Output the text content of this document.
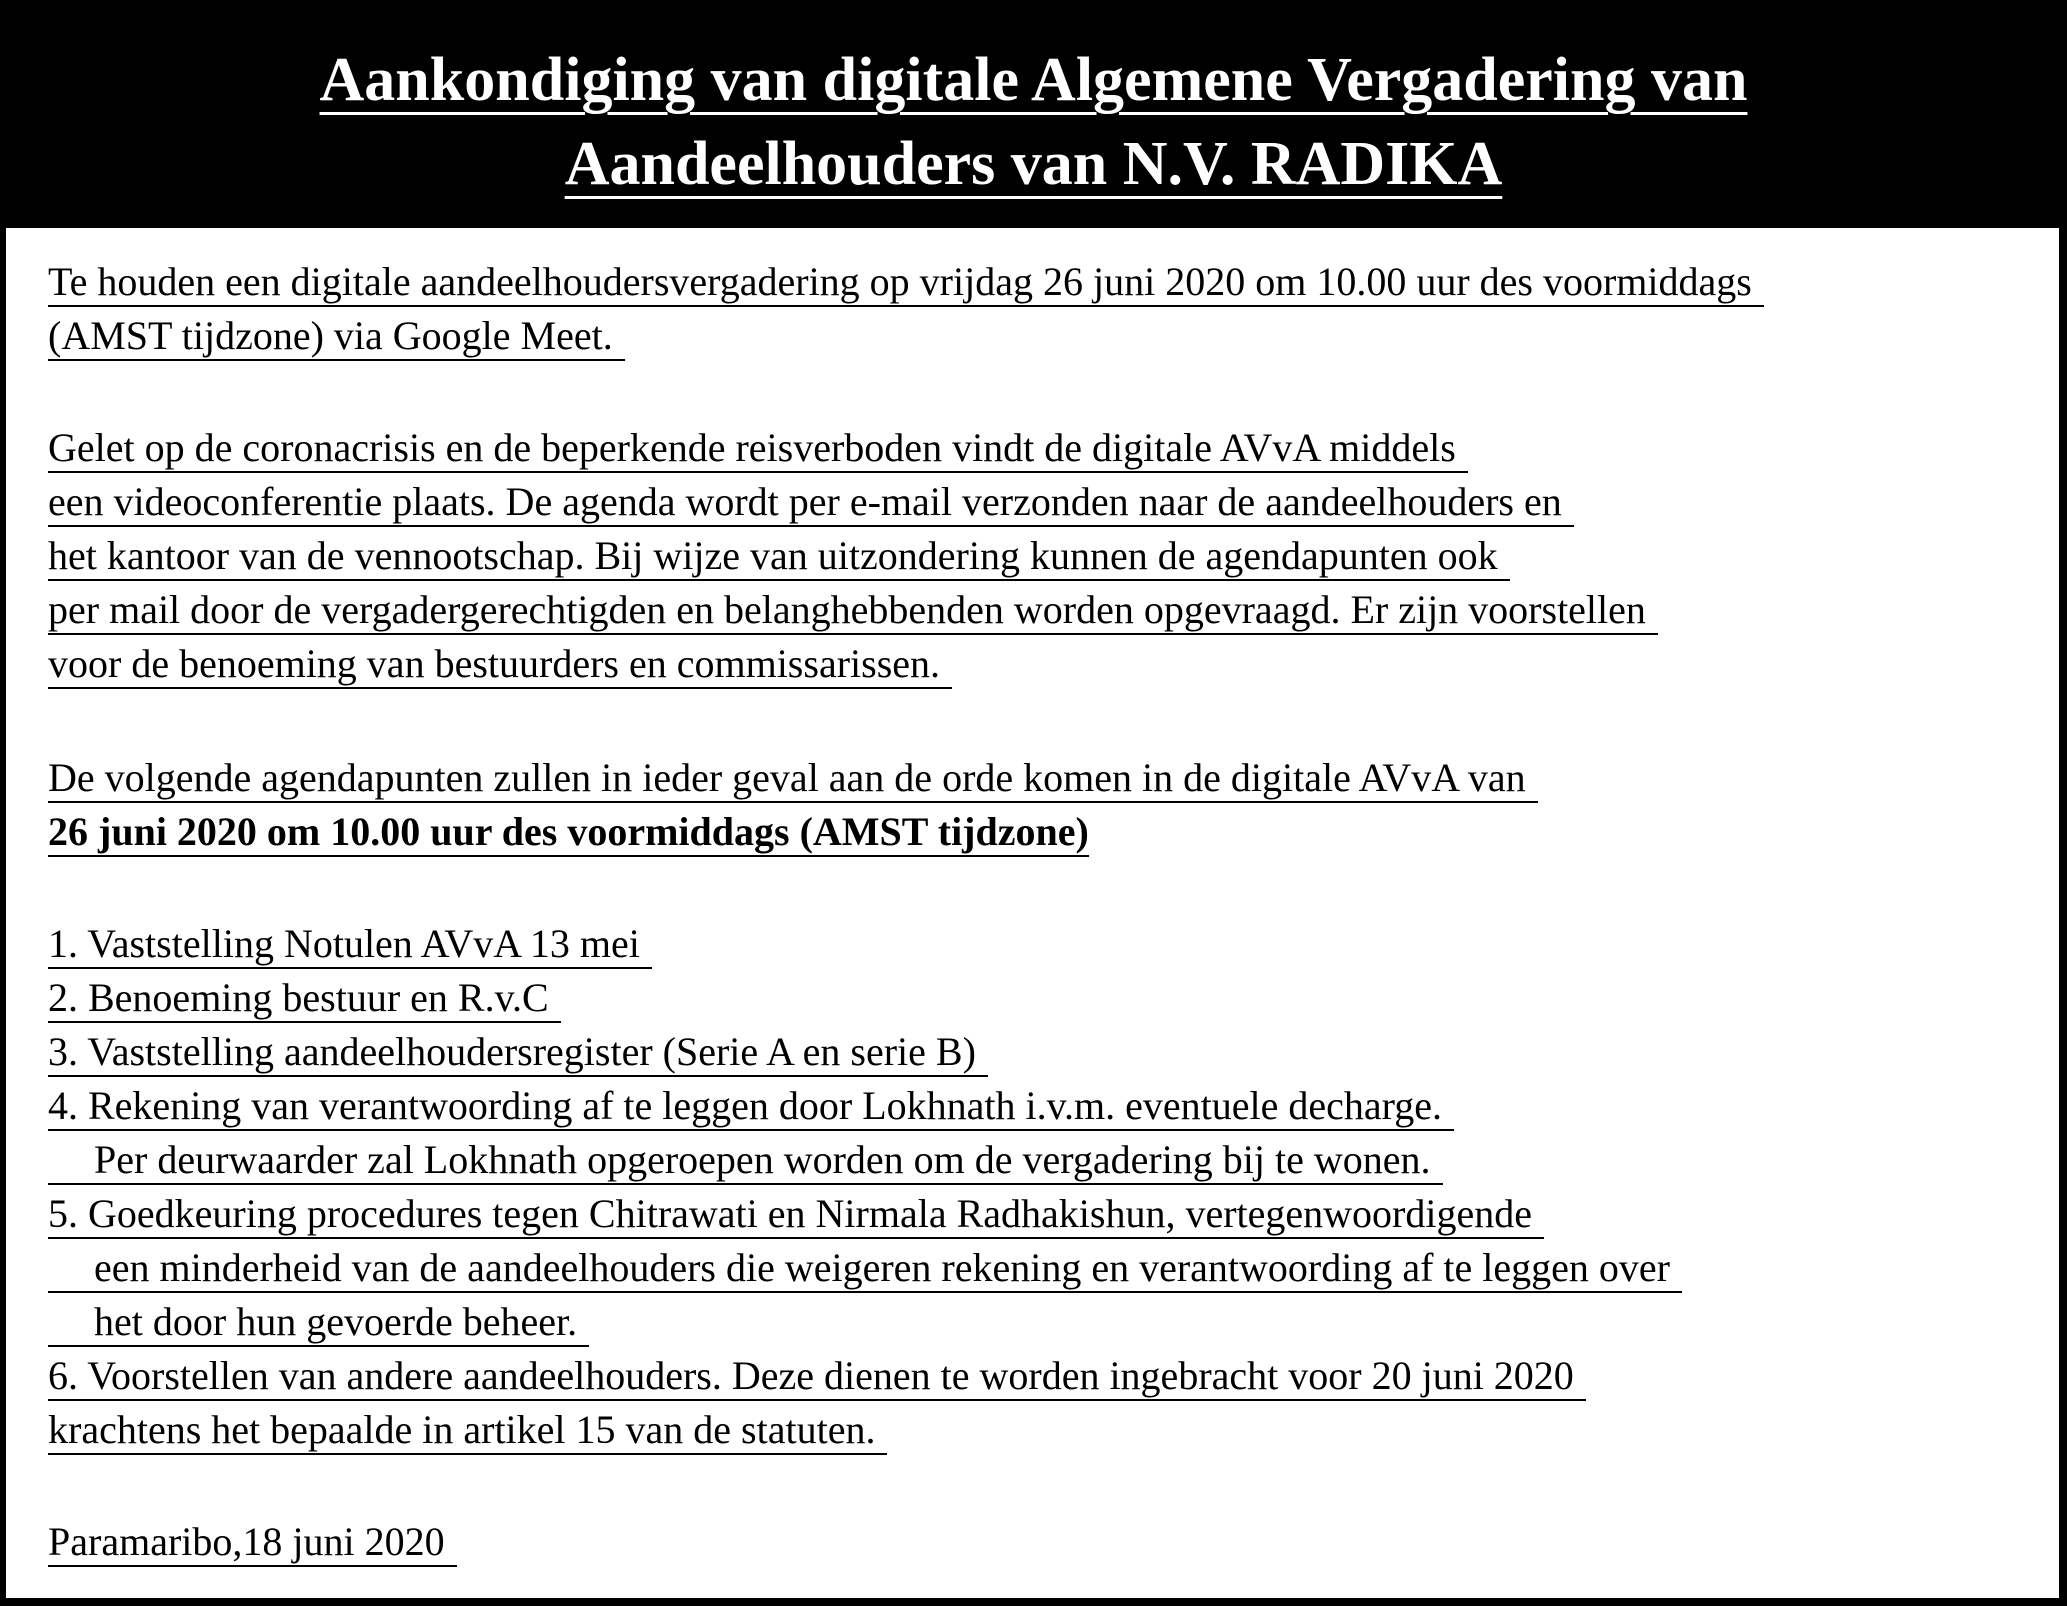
Aankondiging van digitale Algemene Vergadering van
Aandeelhouders van N.V. RADIKA
Te houden een digitale aandeelhoudersvergadering op vrijdag 26 juni 2020 om 10.00 uur des voormiddags
(AMST tijdzone) via Google Meet.
Gelet op de coronacrisis en de beperkende reisverboden vindt de digitale AVvA middels
een videoconferentie plaats. De agenda wordt per e-mail verzonden naar de aandeelhouders en
het kantoor van de vennootschap. Bij wijze van uitzondering kunnen de agendapunten ook
per mail door de vergadergerechtigden en belanghebbenden worden opgevraagd. Er zijn voorstellen
voor de benoeming van bestuurders en commissarissen.
De volgende agendapunten zullen in ieder geval aan de orde komen in de digitale AVvA van
26 juni 2020 om 10.00 uur des voormiddags (AMST tijdzone)
1. Vaststelling Notulen AVvA 13 mei
2. Benoeming bestuur en R.v.C
3. Vaststelling aandeelhoudersregister (Serie A en serie B)
4. Rekening van verantwoording af te leggen door Lokhnath i.v.m. eventuele decharge.
Per deurwaarder zal Lokhnath opgeroepen worden om de vergadering bij te wonen.
5. Goedkeuring procedures tegen Chitrawati en Nirmala Radhakishun, vertegenwoordigende
een minderheid van de aandeelhouders die weigeren rekening en verantwoording af te leggen over
het door hun gevoerde beheer.
6. Voorstellen van andere aandeelhouders. Deze dienen te worden ingebracht voor 20 juni 2020
krachtens het bepaalde in artikel 15 van de statuten.
Paramaribo,18 juni 2020
